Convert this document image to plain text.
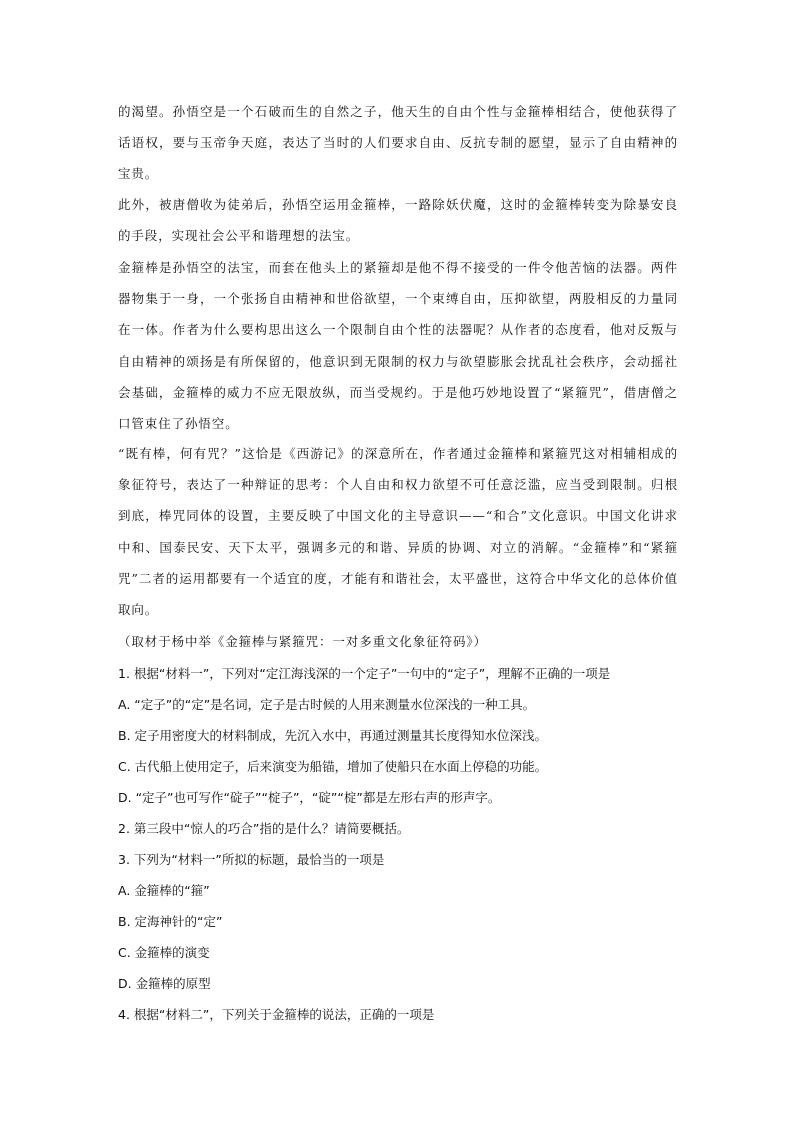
的渴望。孙悟空是一个石破而生的自然之子，他天生的自由个性与金箍棒相结合，使他获得了话语权，要与玉帝争天庭，表达了当时的人们要求自由、反抗专制的愿望，显示了自由精神的宝贵。

此外，被唐僧收为徒弟后，孙悟空运用金箍棒，一路除妖伏魔，这时的金箍棒转变为除暴安良的手段，实现社会公平和谐理想的法宝。

金箍棒是孙悟空的法宝，而套在他头上的紧箍却是他不得不接受的一件令他苦恼的法器。两件器物集于一身，一个张扬自由精神和世俗欲望，一个束缚自由，压抑欲望，两股相反的力量同在一体。作者为什么要构思出这么一个限制自由个性的法器呢？从作者的态度看，他对反叛与自由精神的颂扬是有所保留的，他意识到无限制的权力与欲望膨胀会扰乱社会秩序，会动摇社会基础，金箍棒的威力不应无限放纵，而当受规约。于是他巧妙地设置了“紧箍咒”，借唐僧之口管束住了孙悟空。

“既有棒，何有咒？”这恰是《西游记》的深意所在，作者通过金箍棒和紧箍咒这对相辅相成的象征符号，表达了一种辩证的思考：个人自由和权力欲望不可任意泛滥，应当受到限制。归根到底，棒咒同体的设置，主要反映了中国文化的主导意识——“和合”文化意识。中国文化讲求中和、国泰民安、天下太平，强调多元的和谐、异质的协调、对立的消解。“金箍棒”和“紧箍咒”二者的运用都要有一个适宜的度，才能有和谐社会，太平盛世，这符合中华文化的总体价值取向。

（取材于杨中举《金箍棒与紧箍咒：一对多重文化象征符码》）

1. 根据“材料一”，下列对“定江海浅深的一个定子”一句中的“定子”，理解不正确的一项是

A. “定子”的“定”是名词，定子是古时候的人用来测量水位深浅的一种工具。

B. 定子用密度大的材料制成，先沉入水中，再通过测量其长度得知水位深浅。

C. 古代船上使用定子，后来演变为船锚，增加了使船只在水面上停稳的功能。

D. “定子”也可写作“碇子”“椗子”，“碇”“椗”都是左形右声的形声字。

2. 第三段中“惊人的巧合”指的是什么？请简要概括。

3. 下列为“材料一”所拟的标题，最恰当的一项是

A. 金箍棒的“箍”

B. 定海神针的“定”

C. 金箍棒的演变

D. 金箍棒的原型

4. 根据“材料二”，下列关于金箍棒的说法，正确的一项是
